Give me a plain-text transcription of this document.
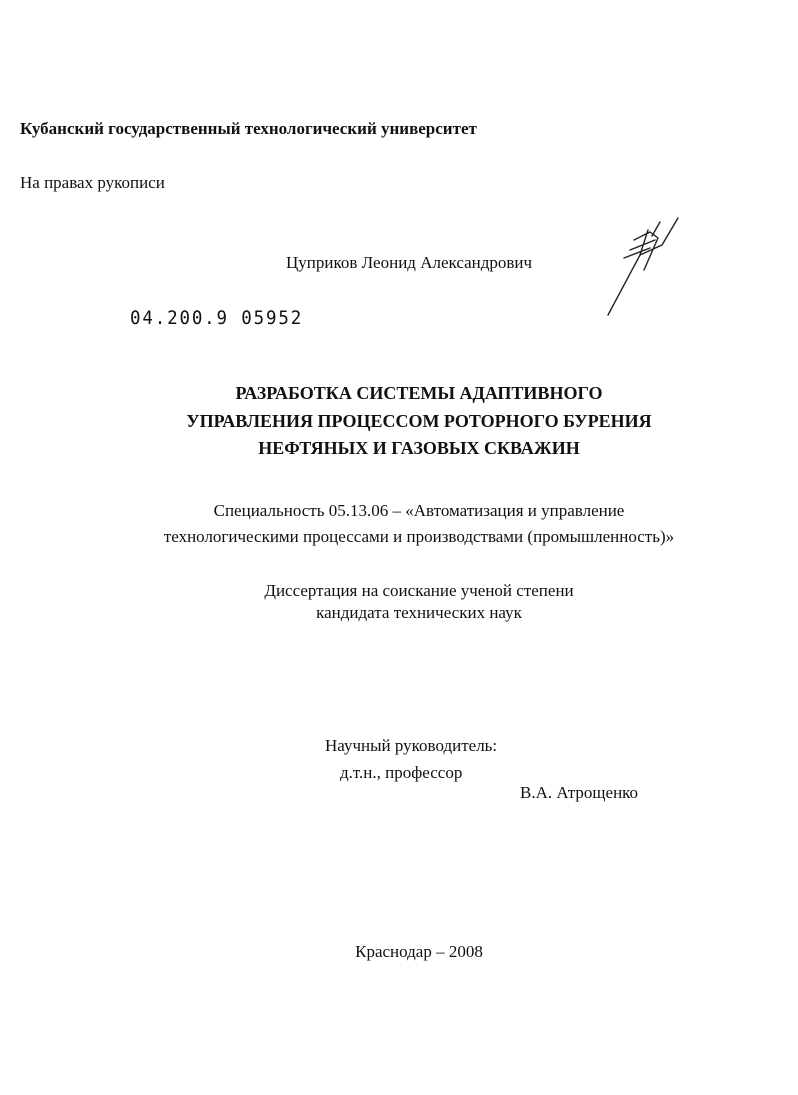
Кубанский государственный технологический университет
На правах рукописи
Цуприков Леонид Александрович
04.200.9 05952
РАЗРАБОТКА СИСТЕМЫ АДАПТИВНОГО
УПРАВЛЕНИЯ ПРОЦЕССОМ РОТОРНОГО БУРЕНИЯ
НЕФТЯНЫХ И ГАЗОВЫХ СКВАЖИН
Специальность 05.13.06 – «Автоматизация и управление
технологическими процессами и производствами (промышленность)»
Диссертация на соискание ученой степени
кандидата технических наук
Научный руководитель:
д.т.н., профессор
В.А. Атрощенко
Краснодар – 2008
